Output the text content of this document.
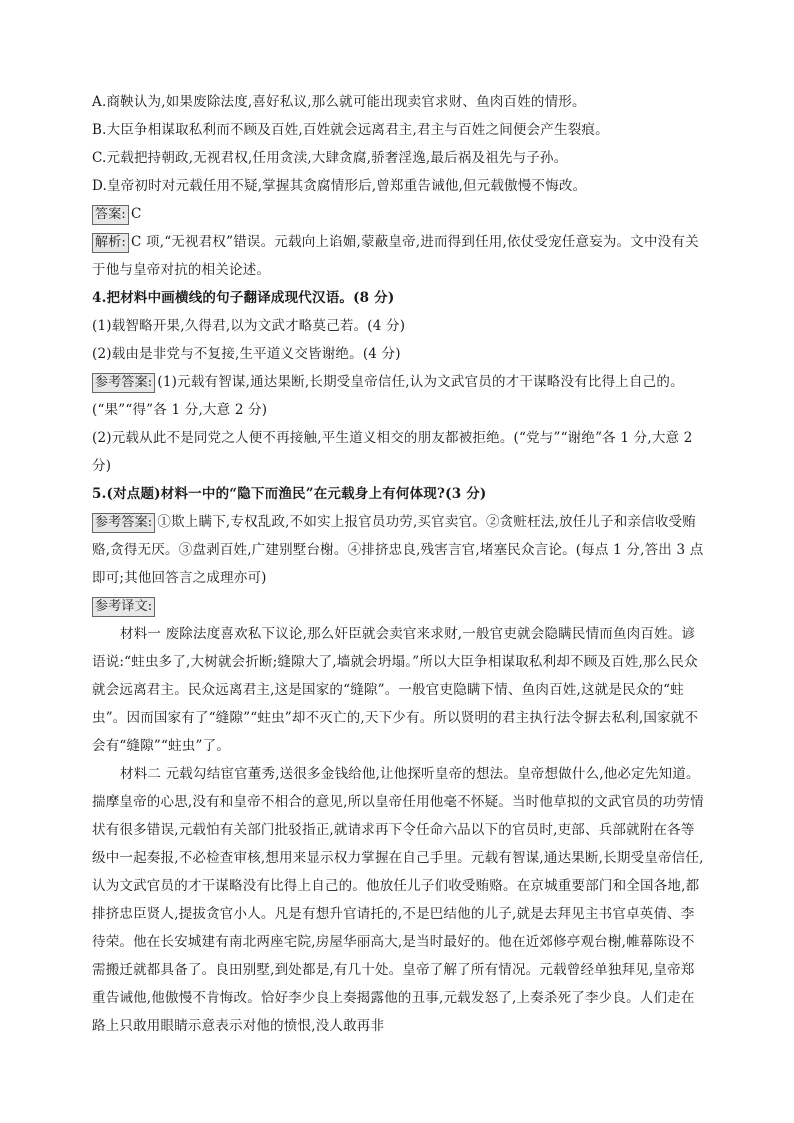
A.商鞅认为,如果废除法度,喜好私议,那么就可能出现卖官求财、鱼肉百姓的情形。
B.大臣争相谋取私利而不顾及百姓,百姓就会远离君主,君主与百姓之间便会产生裂痕。
C.元载把持朝政,无视君权,任用贪渎,大肆贪腐,骄奢淫逸,最后祸及祖先与子孙。
D.皇帝初时对元载任用不疑,掌握其贪腐情形后,曾郑重告诫他,但元载傲慢不悔改。
答案: C
解析: C 项,“无视君权”错误。元载向上谄媚,蒙蔽皇帝,进而得到任用,依仗受宠任意妄为。文中没有关于他与皇帝对抗的相关论述。
4.把材料中画横线的句子翻译成现代汉语。(8 分)
(1)载智略开果,久得君,以为文武才略莫己若。(4 分)
(2)载由是非党与不复接,生平道义交皆谢绝。(4 分)
参考答案: (1)元载有智谋,通达果断,长期受皇帝信任,认为文武官员的才干谋略没有比得上自己的。(“果”“得”各 1 分,大意 2 分)
(2)元载从此不是同党之人便不再接触,平生道义相交的朋友都被拒绝。(“党与”“谢绝”各 1 分,大意 2 分)
5.(对点题)材料一中的“隐下而渔民”在元载身上有何体现?(3 分)
参考答案: ①欺上瞒下,专权乱政,不如实上报官员功劳,买官卖官。②贪赃枉法,放任儿子和亲信收受贿赂,贪得无厌。③盘剥百姓,广建别墅台榭。④排挤忠良,残害言官,堵塞民众言论。(每点 1 分,答出 3 点即可;其他回答言之成理亦可)
参考译文:
材料一 废除法度喜欢私下议论,那么奸臣就会卖官来求财,一般官吏就会隐瞒民情而鱼肉百姓。谚语说:“蛀虫多了,大树就会折断;缝隙大了,墙就会坍塌。”所以大臣争相谋取私利却不顾及百姓,那么民众就会远离君主。民众远离君主,这是国家的“缝隙”。一般官吏隐瞒下情、鱼肉百姓,这就是民众的“蛀虫”。因而国家有了“缝隙”“蛀虫”却不灭亡的,天下少有。所以贤明的君主执行法令摒去私利,国家就不会有“缝隙”“蛀虫”了。
材料二 元载勾结宦官董秀,送很多金钱给他,让他探听皇帝的想法。皇帝想做什么,他必定先知道。揣摩皇帝的心思,没有和皇帝不相合的意见,所以皇帝任用他毫不怀疑。当时他草拟的文武官员的功劳情状有很多错误,元载怕有关部门批驳指正,就请求再下令任命六品以下的官员时,吏部、兵部就附在各等级中一起奏报,不必检查审核,想用来显示权力掌握在自己手里。元载有智谋,通达果断,长期受皇帝信任,认为文武官员的才干谋略没有比得上自己的。他放任儿子们收受贿赂。在京城重要部门和全国各地,都排挤忠臣贤人,提拔贪官小人。凡是有想升官请托的,不是巴结他的儿子,就是去拜见主书官卓英倩、李待荣。他在长安城建有南北两座宅院,房屋华丽高大,是当时最好的。他在近郊修亭观台榭,帷幕陈设不需搬迁就都具备了。良田别墅,到处都是,有几十处。皇帝了解了所有情况。元载曾经单独拜见,皇帝郑重告诫他,他傲慢不肯悔改。恰好李少良上奏揭露他的丑事,元载发怒了,上奏杀死了李少良。人们走在路上只敢用眼睛示意表示对他的愤恨,没人敢再非
